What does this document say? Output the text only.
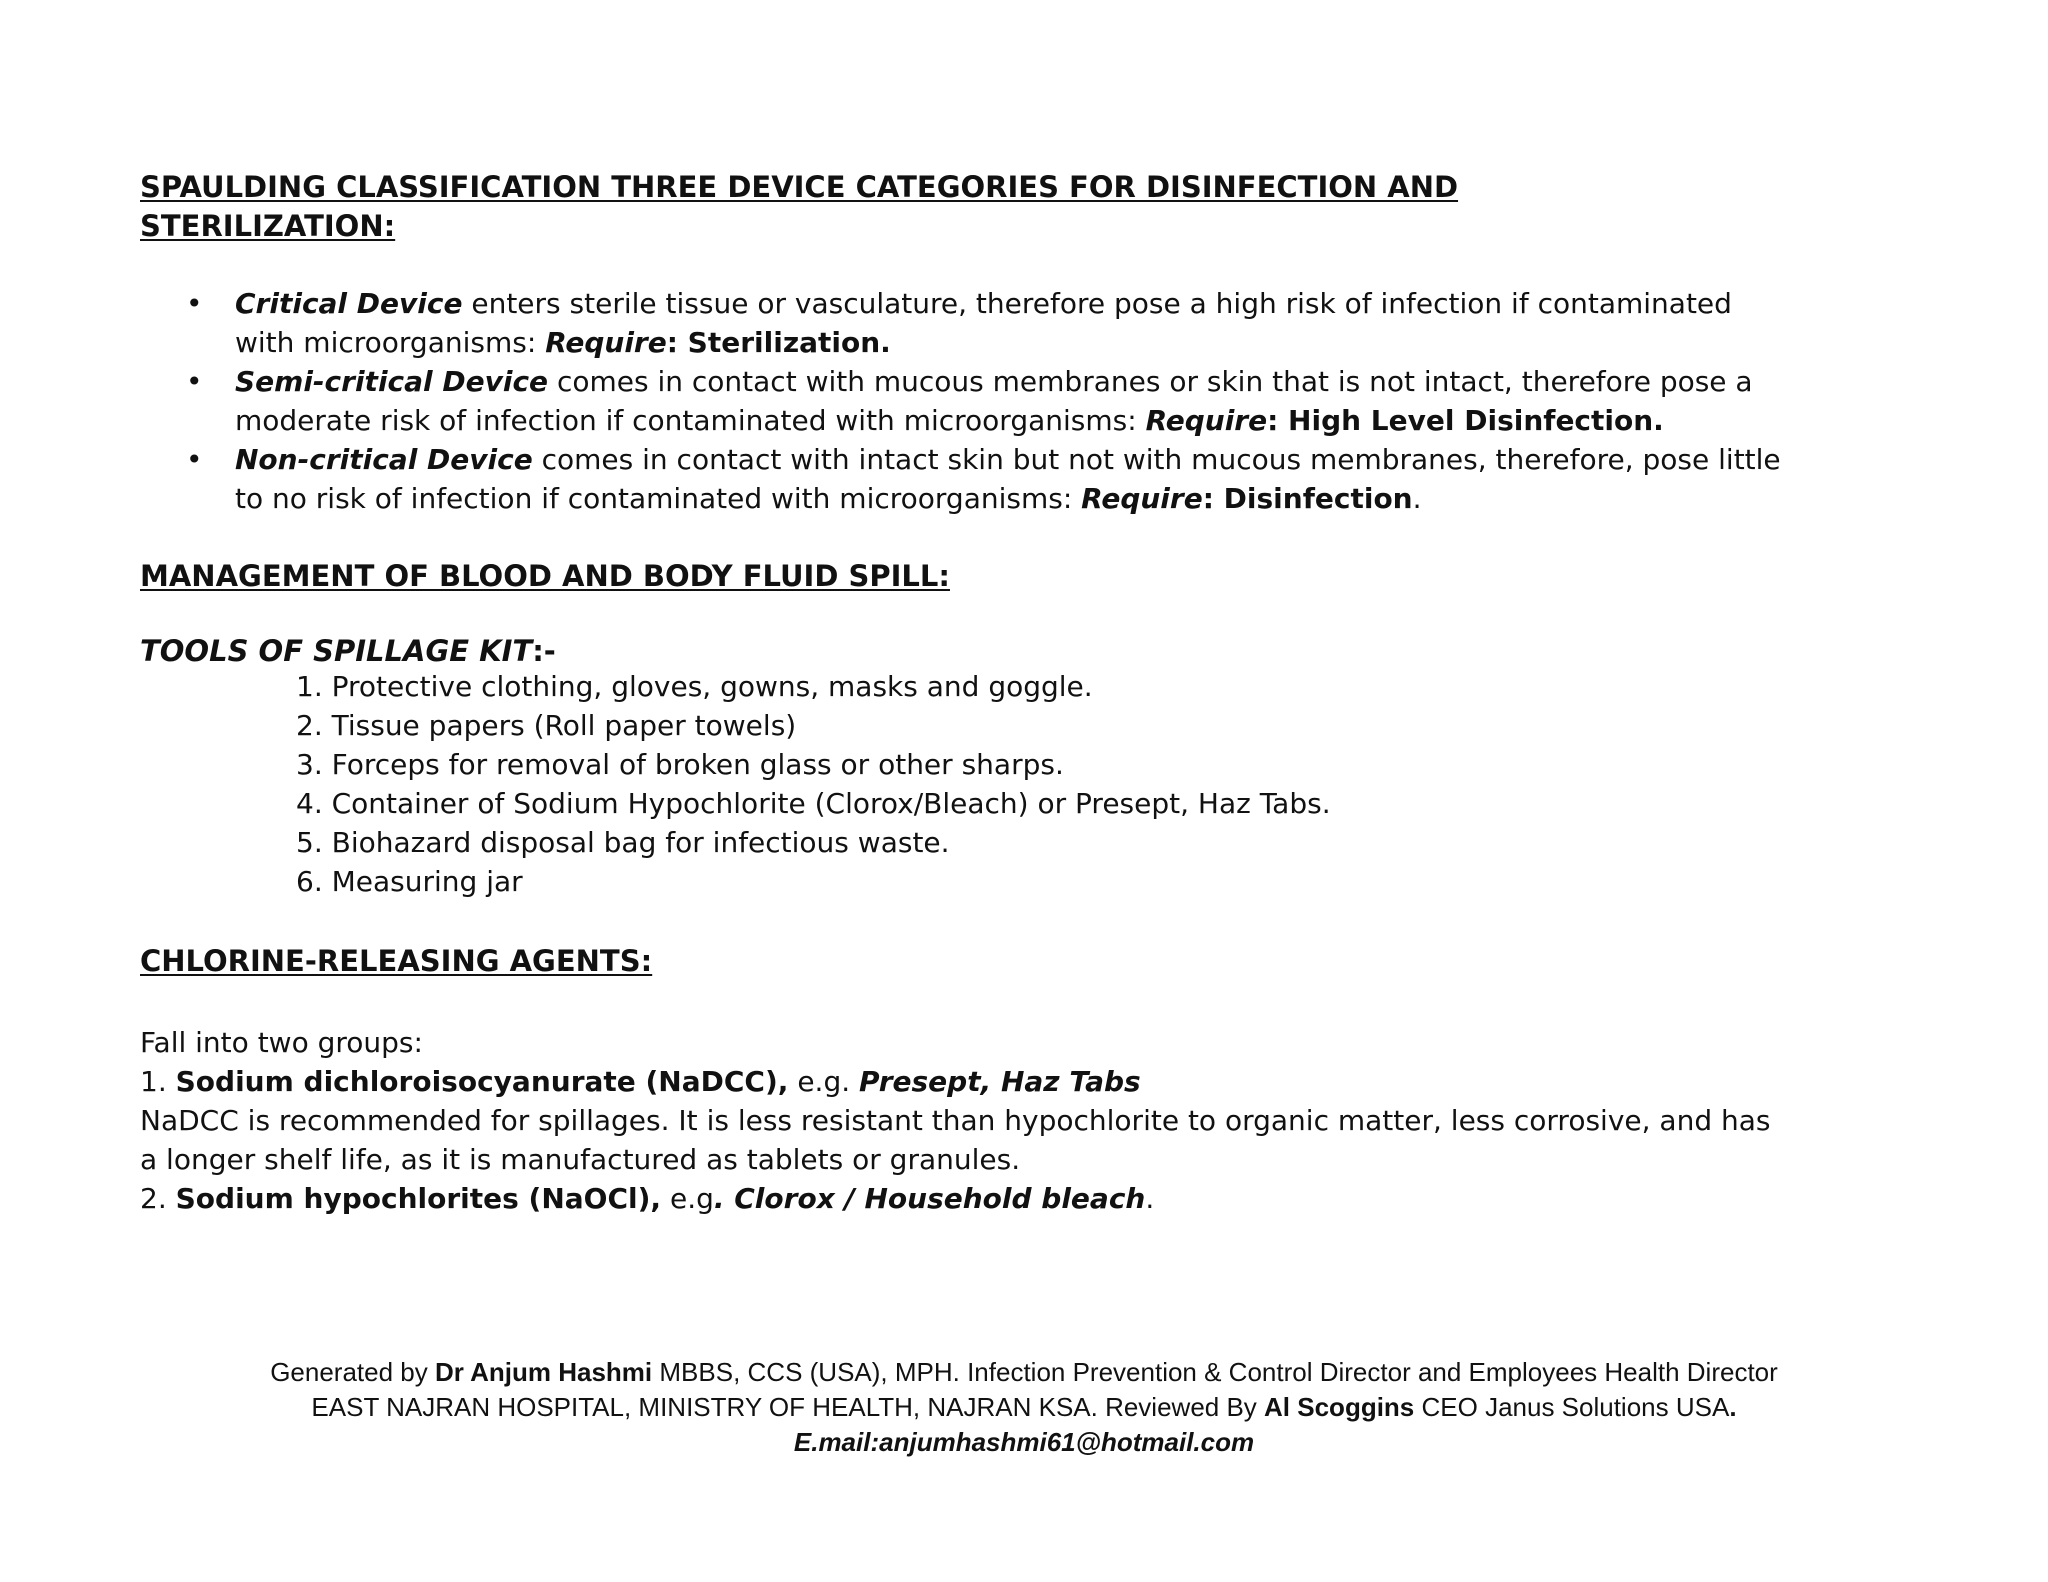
SPAULDING CLASSIFICATION THREE DEVICE CATEGORIES FOR DISINFECTION AND
STERILIZATION:
• Critical Device enters sterile tissue or vasculature, therefore pose a high risk of infection if contaminated
with microorganisms: Require: Sterilization.
• Semi-critical Device comes in contact with mucous membranes or skin that is not intact, therefore pose a
moderate risk of infection if contaminated with microorganisms: Require: High Level Disinfection.
• Non-critical Device comes in contact with intact skin but not with mucous membranes, therefore, pose little
to no risk of infection if contaminated with microorganisms: Require: Disinfection.
MANAGEMENT OF BLOOD AND BODY FLUID SPILL:
TOOLS OF SPILLAGE KIT:-
1. Protective clothing, gloves, gowns, masks and goggle.
2. Tissue papers (Roll paper towels)
3. Forceps for removal of broken glass or other sharps.
4. Container of Sodium Hypochlorite (Clorox/Bleach) or Presept, Haz Tabs.
5. Biohazard disposal bag for infectious waste.
6. Measuring jar
CHLORINE-RELEASING AGENTS:
Fall into two groups:
1. Sodium dichloroisocyanurate (NaDCC), e.g. Presept, Haz Tabs
NaDCC is recommended for spillages. It is less resistant than hypochlorite to organic matter, less corrosive, and has
a longer shelf life, as it is manufactured as tablets or granules.
2. Sodium hypochlorites (NaOCl), e.g. Clorox / Household bleach.
Generated by Dr Anjum Hashmi MBBS, CCS (USA), MPH. Infection Prevention & Control Director and Employees Health Director
EAST NAJRAN HOSPITAL, MINISTRY OF HEALTH, NAJRAN KSA. Reviewed By Al Scoggins CEO Janus Solutions USA.
E.mail:anjumhashmi61@hotmail.com
